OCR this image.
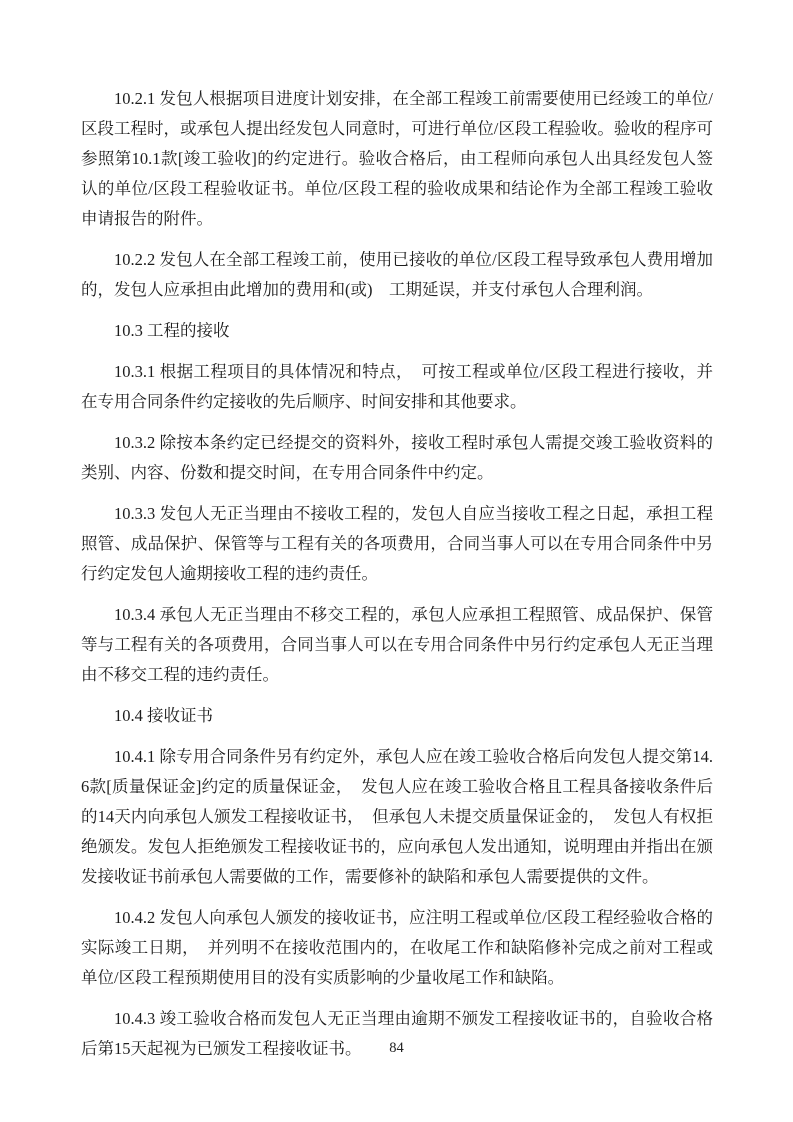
10.2.1 发包人根据项目进度计划安排，在全部工程竣工前需要使用已经竣工的单位/区段工程时，或承包人提出经发包人同意时，可进行单位/区段工程验收。验收的程序可参照第10.1款[竣工验收]的约定进行。验收合格后，由工程师向承包人出具经发包人签认的单位/区段工程验收证书。单位/区段工程的验收成果和结论作为全部工程竣工验收申请报告的附件。

10.2.2 发包人在全部工程竣工前，使用已接收的单位/区段工程导致承包人费用增加的，发包人应承担由此增加的费用和(或)　工期延误，并支付承包人合理利润。

10.3 工程的接收

10.3.1 根据工程项目的具体情况和特点，　可按工程或单位/区段工程进行接收，并在专用合同条件约定接收的先后顺序、时间安排和其他要求。

10.3.2 除按本条约定已经提交的资料外，接收工程时承包人需提交竣工验收资料的类别、内容、份数和提交时间，在专用合同条件中约定。

10.3.3 发包人无正当理由不接收工程的，发包人自应当接收工程之日起，承担工程照管、成品保护、保管等与工程有关的各项费用，合同当事人可以在专用合同条件中另行约定发包人逾期接收工程的违约责任。

10.3.4 承包人无正当理由不移交工程的，承包人应承担工程照管、成品保护、保管等与工程有关的各项费用，合同当事人可以在专用合同条件中另行约定承包人无正当理由不移交工程的违约责任。

10.4 接收证书

10.4.1 除专用合同条件另有约定外，承包人应在竣工验收合格后向发包人提交第14.6款[质量保证金]约定的质量保证金，　发包人应在竣工验收合格且工程具备接收条件后的14天内向承包人颁发工程接收证书，　但承包人未提交质量保证金的，　发包人有权拒绝颁发。发包人拒绝颁发工程接收证书的，应向承包人发出通知，说明理由并指出在颁发接收证书前承包人需要做的工作，需要修补的缺陷和承包人需要提供的文件。

10.4.2 发包人向承包人颁发的接收证书，应注明工程或单位/区段工程经验收合格的实际竣工日期，　并列明不在接收范围内的，在收尾工作和缺陷修补完成之前对工程或单位/区段工程预期使用目的没有实质影响的少量收尾工作和缺陷。

10.4.3 竣工验收合格而发包人无正当理由逾期不颁发工程接收证书的，自验收合格后第15天起视为已颁发工程接收证书。	84
